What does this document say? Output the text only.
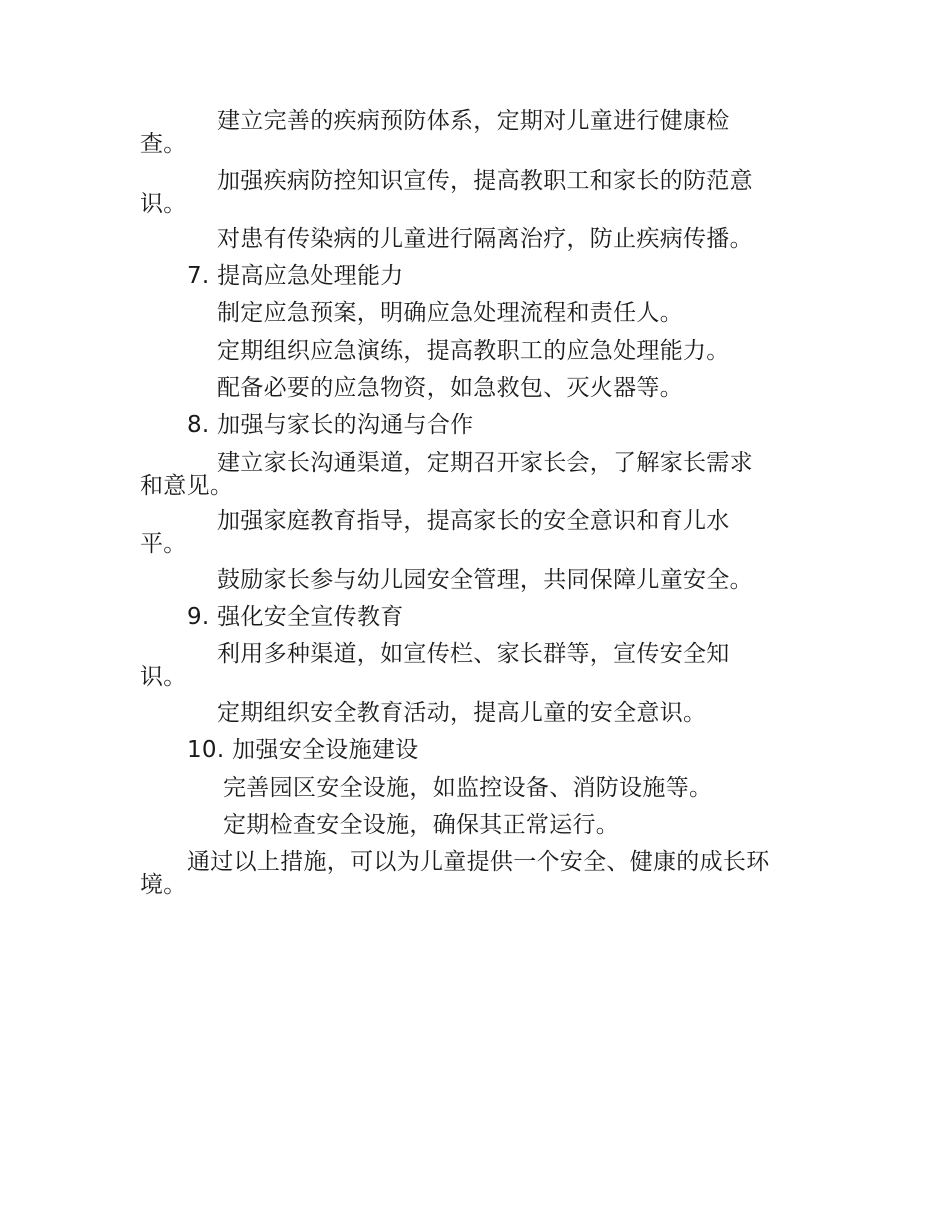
建立完善的疾病预防体系，定期对儿童进行健康检
查。
加强疾病防控知识宣传，提高教职工和家长的防范意
识。
对患有传染病的儿童进行隔离治疗，防止疾病传播。
7. 提高应急处理能力
制定应急预案，明确应急处理流程和责任人。
定期组织应急演练，提高教职工的应急处理能力。
配备必要的应急物资，如急救包、灭火器等。
8. 加强与家长的沟通与合作
建立家长沟通渠道，定期召开家长会，了解家长需求
和意见。
加强家庭教育指导，提高家长的安全意识和育儿水
平。
鼓励家长参与幼儿园安全管理，共同保障儿童安全。
9. 强化安全宣传教育
利用多种渠道，如宣传栏、家长群等，宣传安全知
识。
定期组织安全教育活动，提高儿童的安全意识。
10. 加强安全设施建设
完善园区安全设施，如监控设备、消防设施等。
定期检查安全设施，确保其正常运行。
通过以上措施，可以为儿童提供一个安全、健康的成长环
境。
